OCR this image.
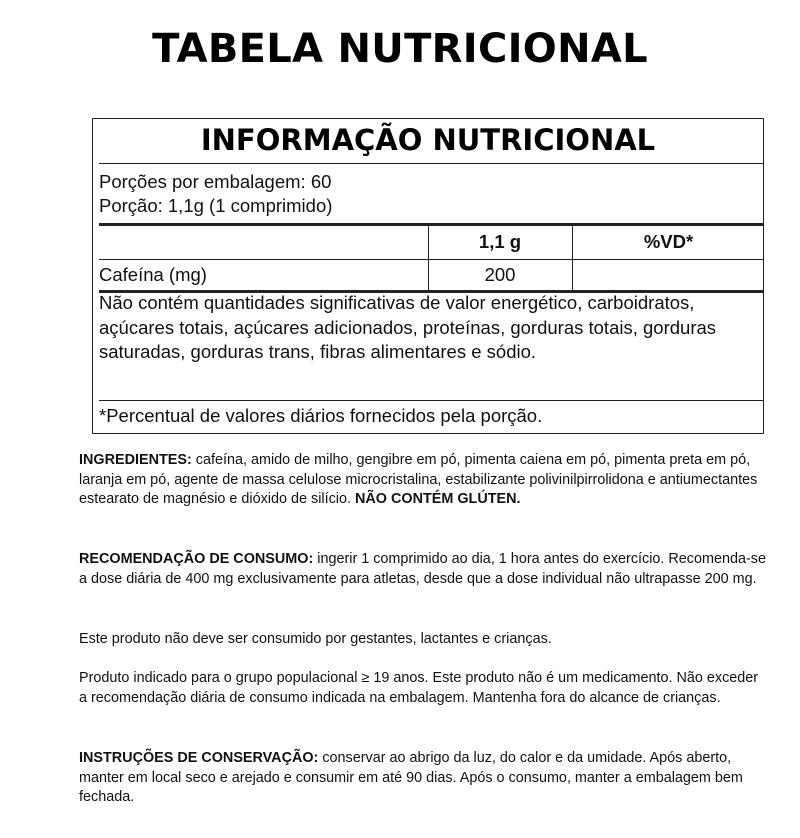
TABELA NUTRICIONAL
INFORMAÇÃO NUTRICIONAL
Porções por embalagem: 60
Porção: 1,1g (1 comprimido)
1,1 g	%VD*
Cafeína (mg)	200
Não contém quantidades significativas de valor energético, carboidratos, açúcares totais, açúcares adicionados, proteínas, gorduras totais, gorduras saturadas, gorduras trans, fibras alimentares e sódio.
*Percentual de valores diários fornecidos pela porção.
INGREDIENTES: cafeína, amido de milho, gengibre em pó, pimenta caiena em pó, pimenta preta em pó, laranja em pó, agente de massa celulose microcristalina, estabilizante polivinilpirrolidona e antiumectantes estearato de magnésio e dióxido de silício. NÃO CONTÉM GLÚTEN.
RECOMENDAÇÃO DE CONSUMO: ingerir 1 comprimido ao dia, 1 hora antes do exercício. Recomenda-se a dose diária de 400 mg exclusivamente para atletas, desde que a dose individual não ultrapasse 200 mg.
Este produto não deve ser consumido por gestantes, lactantes e crianças.
Produto indicado para o grupo populacional ≥ 19 anos. Este produto não é um medicamento. Não exceder a recomendação diária de consumo indicada na embalagem. Mantenha fora do alcance de crianças.
INSTRUÇÕES DE CONSERVAÇÃO: conservar ao abrigo da luz, do calor e da umidade. Após aberto, manter em local seco e arejado e consumir em até 90 dias. Após o consumo, manter a embalagem bem fechada.
